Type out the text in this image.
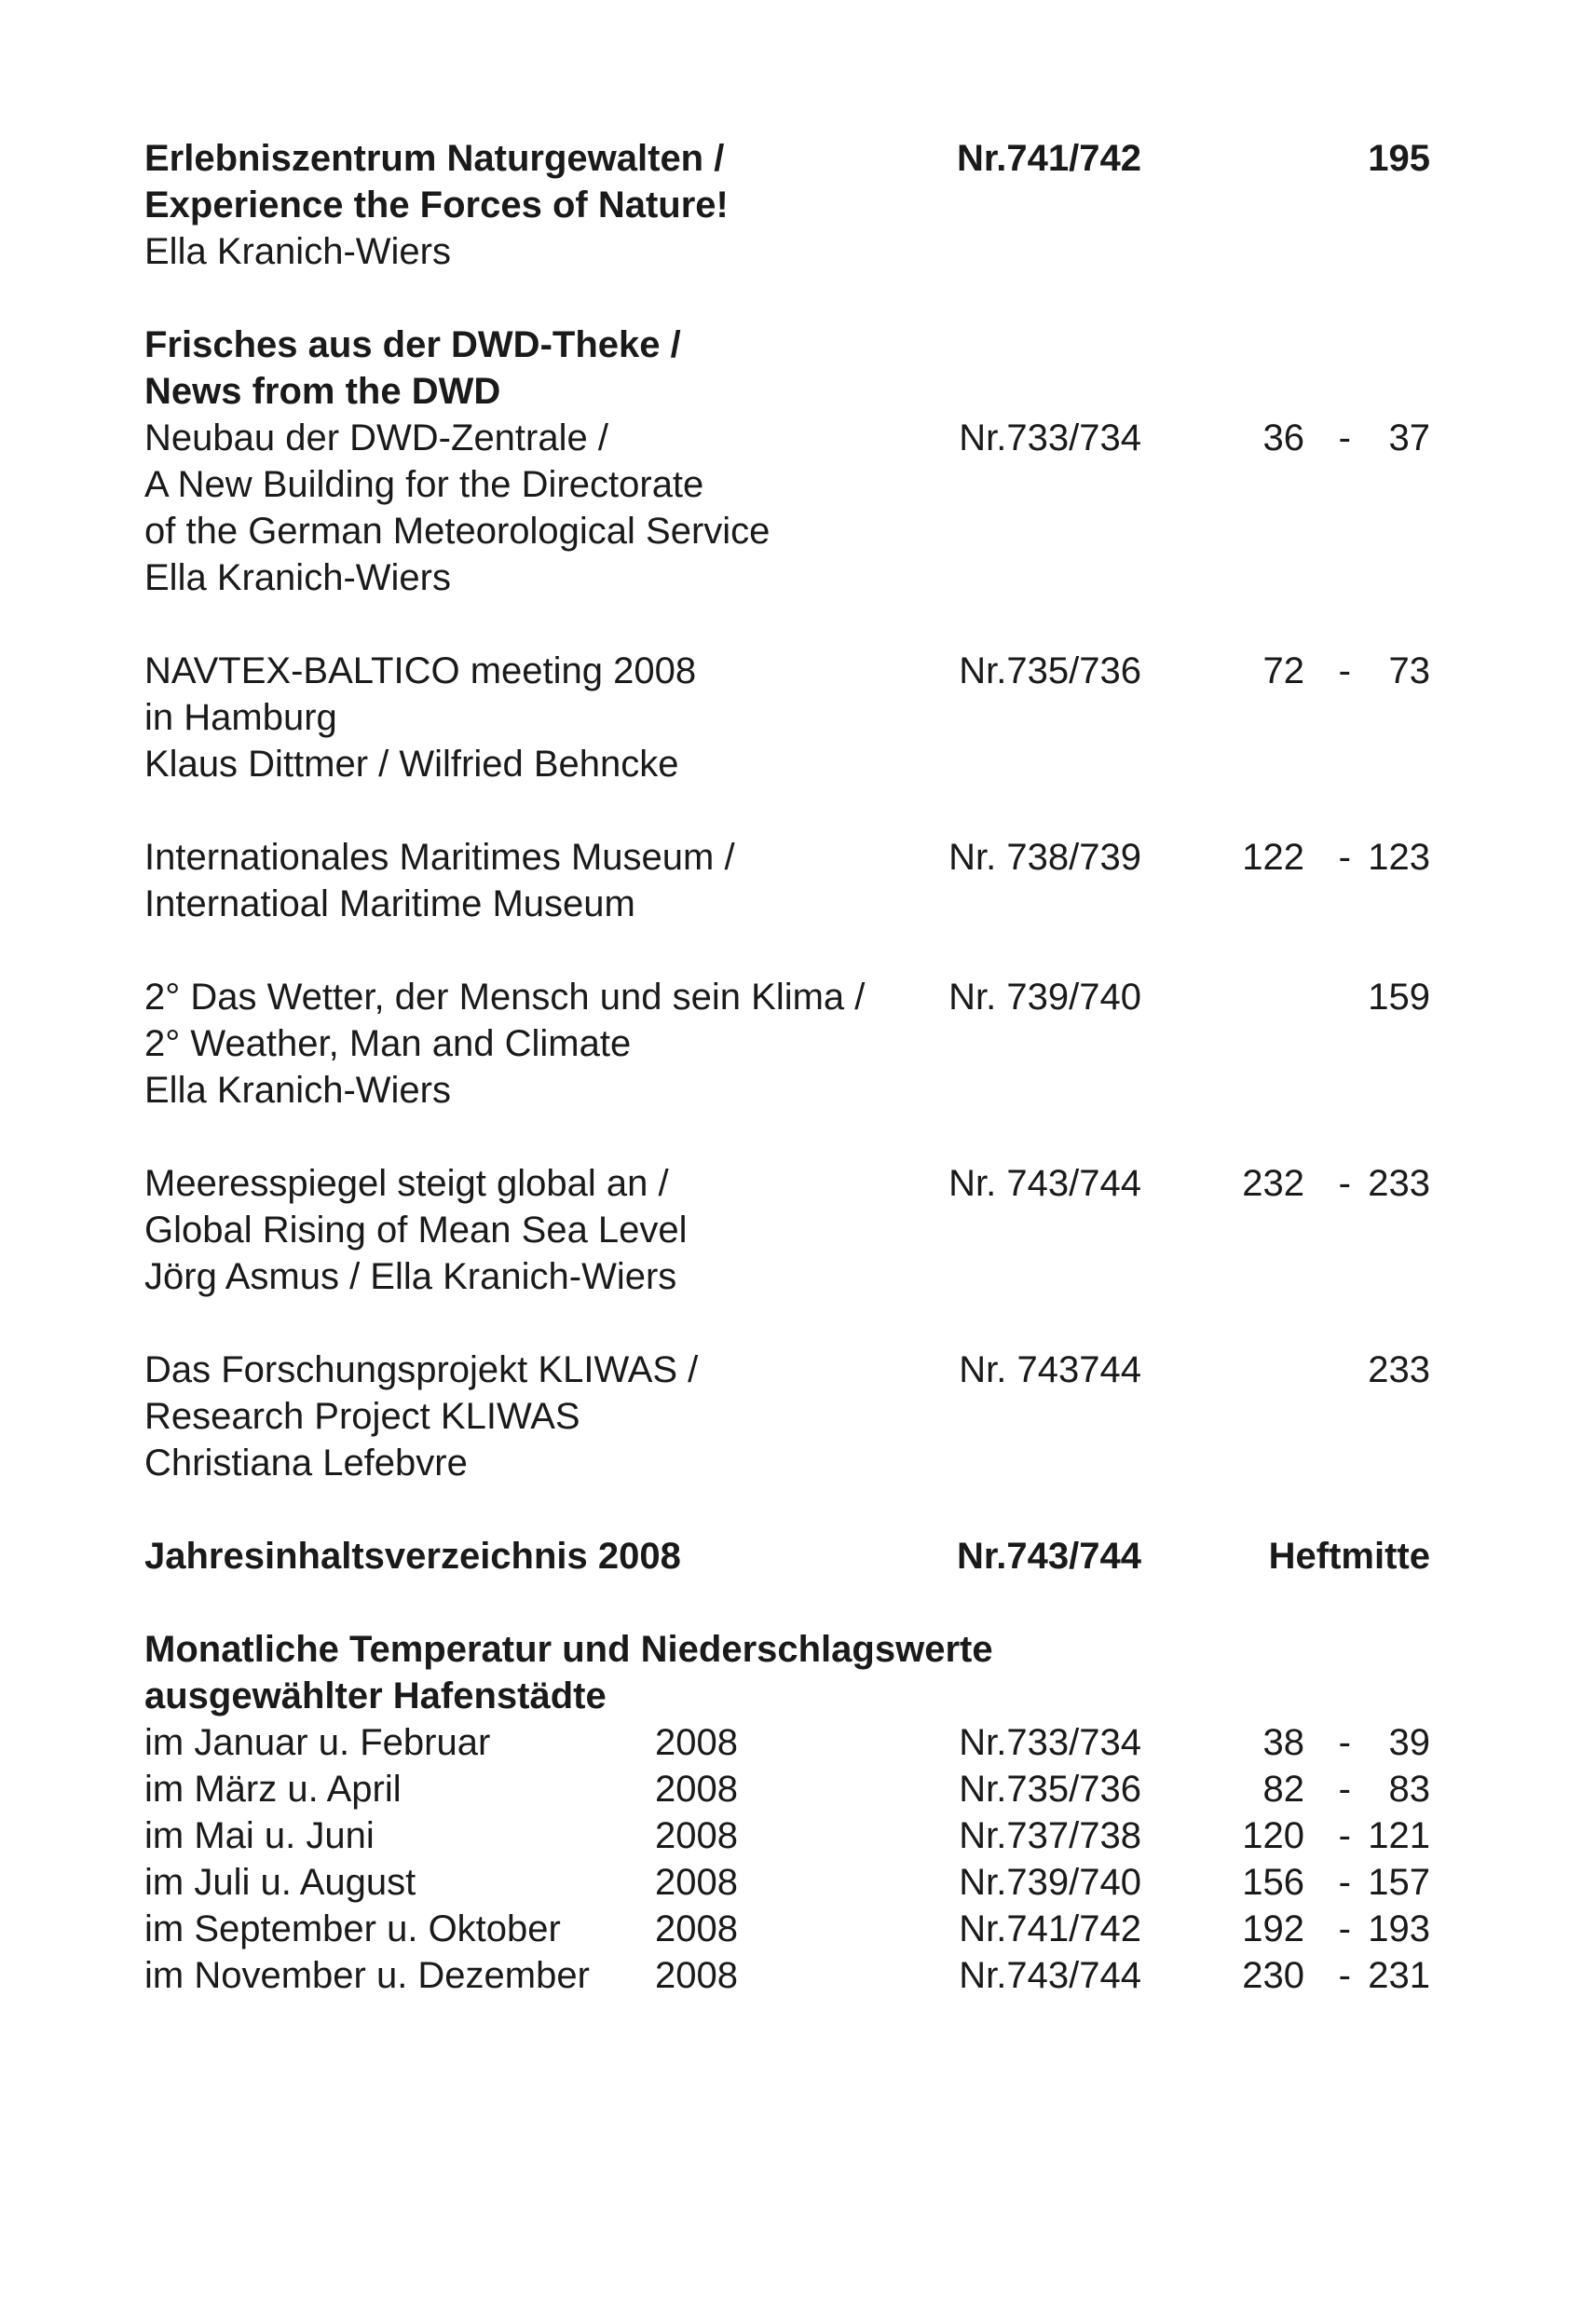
Erlebniszentrum Naturgewalten /	Nr.741/742	195
Experience the Forces of Nature!
Ella Kranich-Wiers
Frisches aus der DWD-Theke /
News from the DWD
Neubau der DWD-Zentrale /	Nr.733/734	36 - 37
A New Building for the Directorate
of the German Meteorological Service
Ella Kranich-Wiers
NAVTEX-BALTICO meeting 2008	Nr.735/736	72 - 73
in Hamburg
Klaus Dittmer / Wilfried Behncke
Internationales Maritimes Museum /	Nr. 738/739	122 - 123
Internatioal Maritime Museum
2° Das Wetter, der Mensch und sein Klima / Nr. 739/740	159
2° Weather, Man and Climate
Ella Kranich-Wiers
Meeresspiegel steigt global an /	Nr. 743/744	232 - 233
Global Rising of Mean Sea Level
Jörg Asmus / Ella Kranich-Wiers
Das Forschungsprojekt KLIWAS /	Nr. 743744	233
Research Project KLIWAS
Christiana Lefebvre
Jahresinhaltsverzeichnis 2008	Nr.743/744	Heftmitte
Monatliche Temperatur und Niederschlagswerte
ausgewählter Hafenstädte
im Januar u. Februar	2008	Nr.733/734	38 - 39
im März u. April	2008	Nr.735/736	82 - 83
im Mai u. Juni	2008	Nr.737/738	120 - 121
im Juli u. August	2008	Nr.739/740	156 - 157
im September u. Oktober	2008	Nr.741/742	192 - 193
im November u. Dezember 2008	Nr.743/744	230 - 231
